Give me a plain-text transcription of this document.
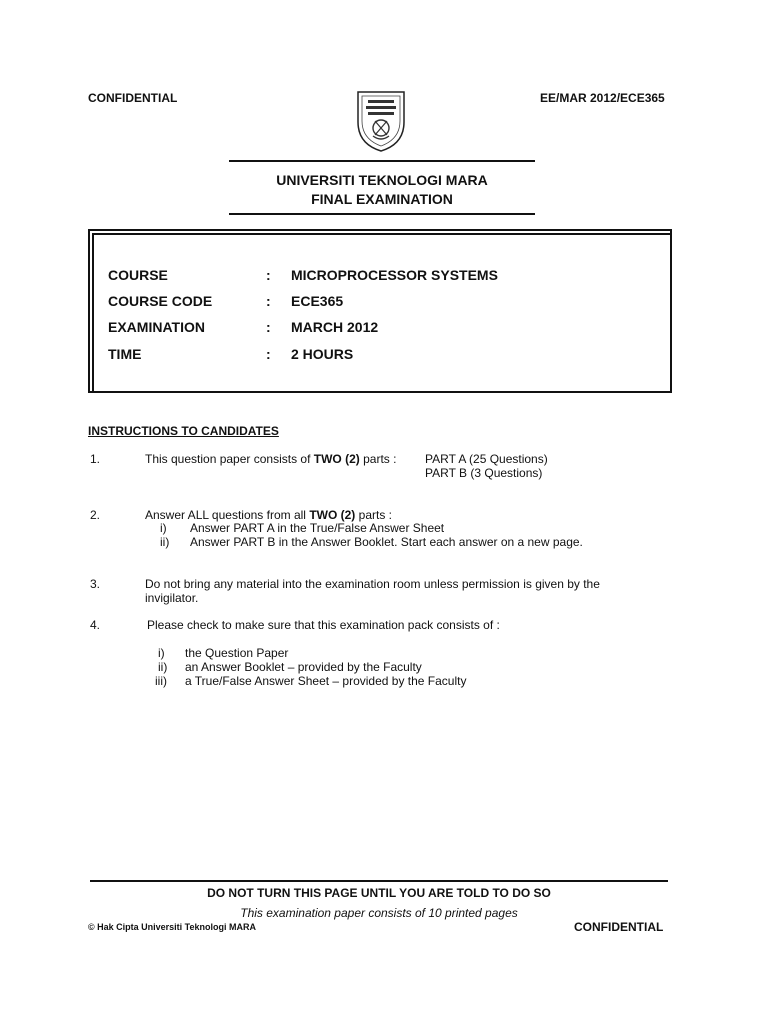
CONFIDENTIAL	EE/MAR 2012/ECE365
UNIVERSITI TEKNOLOGI MARA
FINAL EXAMINATION
COURSE	: MICROPROCESSOR SYSTEMS
COURSE CODE	: ECE365
EXAMINATION	: MARCH 2012
TIME	: 2 HOURS
INSTRUCTIONS TO CANDIDATES
1.	This question paper consists of TWO (2) parts : PART A (25 Questions)
PART B (3 Questions)
2.	Answer ALL questions from all TWO (2) parts :
i) Answer PART A in the True/False Answer Sheet
ii) Answer PART B in the Answer Booklet. Start each answer on a new page.
3.	Do not bring any material into the examination room unless permission is given by the
invigilator.
4.	Please check to make sure that this examination pack consists of :
i) the Question Paper
ii) an Answer Booklet – provided by the Faculty
iii) a True/False Answer Sheet – provided by the Faculty
DO NOT TURN THIS PAGE UNTIL YOU ARE TOLD TO DO SO
This examination paper consists of 10 printed pages
© Hak Cipta Universiti Teknologi MARA	CONFIDENTIAL
